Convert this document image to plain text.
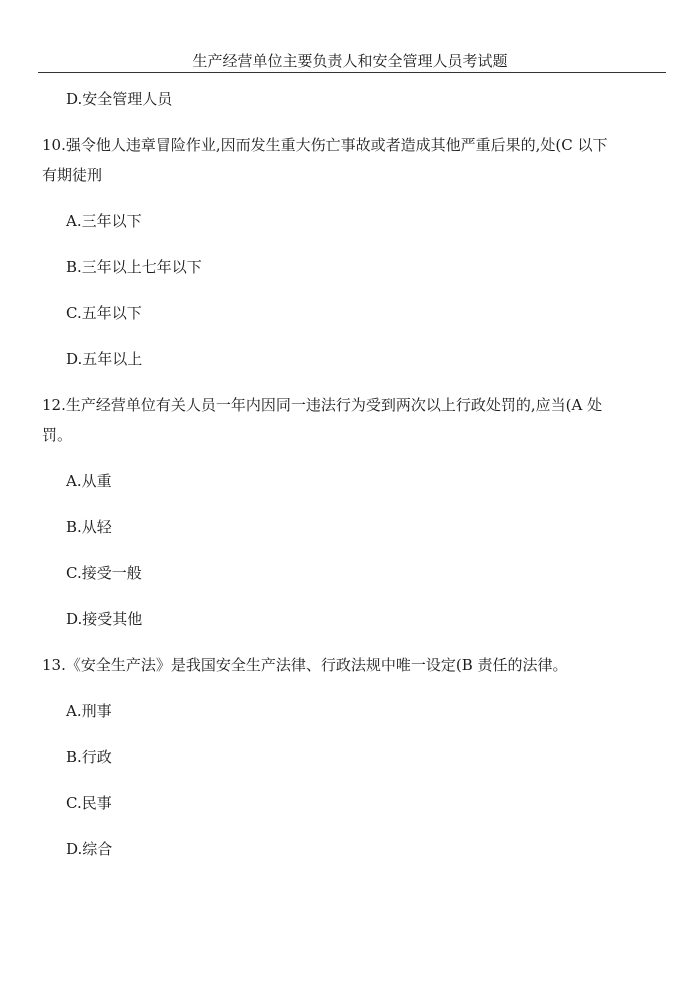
生产经营单位主要负责人和安全管理人员考试题
D.安全管理人员
10.强令他人违章冒险作业,因而发生重大伤亡事故或者造成其他严重后果的,处(C 以下
有期徒刑
A.三年以下
B.三年以上七年以下
C.五年以下
D.五年以上
12.生产经营单位有关人员一年内因同一违法行为受到两次以上行政处罚的,应当(A 处
罚。
A.从重
B.从轻
C.接受一般
D.接受其他
13.《安全生产法》是我国安全生产法律、行政法规中唯一设定(B 责任的法律。
A.刑事
B.行政
C.民事
D.综合
